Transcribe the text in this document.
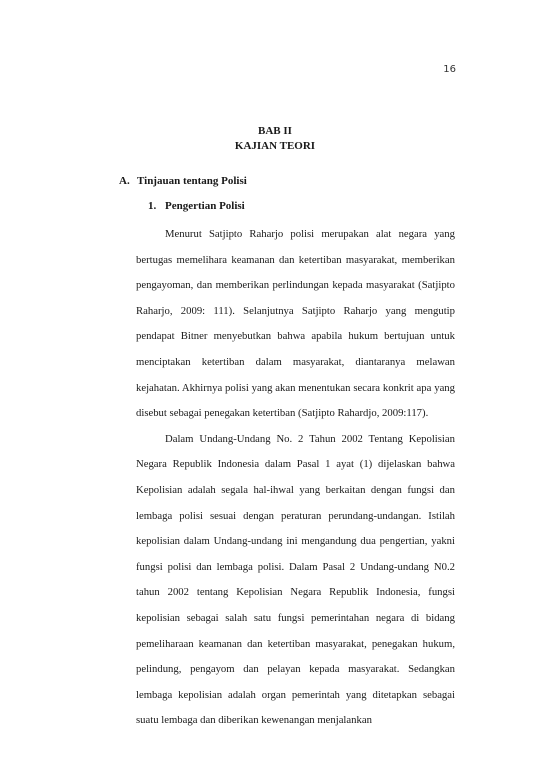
16
BAB II
KAJIAN TEORI
A. Tinjauan tentang Polisi
1. Pengertian Polisi

Menurut Satjipto Raharjo polisi merupakan alat negara yang bertugas memelihara keamanan dan ketertiban masyarakat, memberikan pengayoman, dan memberikan perlindungan kepada masyarakat (Satjipto Raharjo, 2009: 111). Selanjutnya Satjipto Raharjo yang mengutip pendapat Bitner menyebutkan bahwa apabila hukum bertujuan untuk menciptakan ketertiban dalam masyarakat, diantaranya melawan kejahatan. Akhirnya polisi yang akan menentukan secara konkrit apa yang disebut sebagai penegakan ketertiban (Satjipto Rahardjo, 2009:117).

Dalam Undang-Undang No. 2 Tahun 2002 Tentang Kepolisian Negara Republik Indonesia dalam Pasal 1 ayat (1) dijelaskan bahwa Kepolisian adalah segala hal-ihwal yang berkaitan dengan fungsi dan lembaga polisi sesuai dengan peraturan perundang-undangan. Istilah kepolisian dalam Undang-undang ini mengandung dua pengertian, yakni fungsi polisi dan lembaga polisi. Dalam Pasal 2 Undang-undang N0.2 tahun 2002 tentang Kepolisian Negara Republik Indonesia, fungsi kepolisian sebagai salah satu fungsi pemerintahan negara di bidang pemeliharaan keamanan dan ketertiban masyarakat, penegakan hukum, pelindung, pengayom dan pelayan kepada masyarakat. Sedangkan lembaga kepolisian adalah organ pemerintah yang ditetapkan sebagai suatu lembaga dan diberikan kewenangan menjalankan
